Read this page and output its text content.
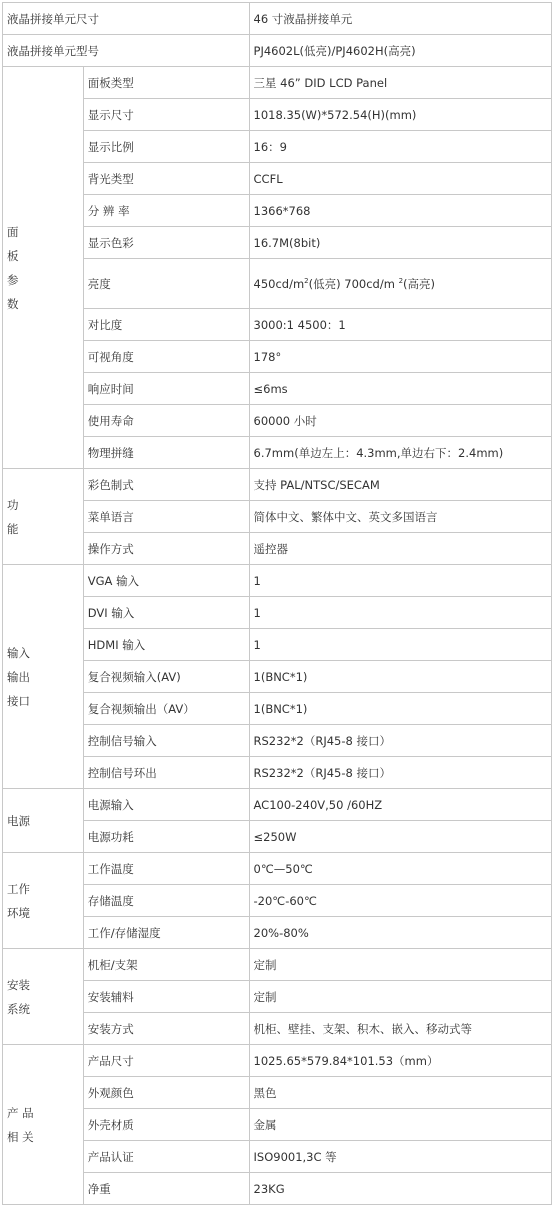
液晶拼接单元尺寸		46 寸液晶拼接单元
液晶拼接单元型号		PJ4602L(低亮)/PJ4602H(高亮)
面
板
参
数	面板类型	三星 46” DID LCD Panel
	显示尺寸	1018.35(W)*572.54(H)(mm)
	显示比例	16：9
	背光类型	CCFL
	分 辨 率	1366*768
	显示色彩	16.7M(8bit)
	亮度	$450cd/m^2$(低亮) 700cd/m $^2$(高亮)
	对比度	3000:1 4500：1
	可视角度	178°
	响应时间	≤6ms
	使用寿命	60000 小时
	物理拼缝	6.7mm(单边左上：4.3mm,单边右下：2.4mm)
功
能	彩色制式	支持 PAL/NTSC/SECAM
	菜单语言	简体中文、繁体中文、英文多国语言
	操作方式	遥控器
输入
输出
接口	VGA 输入	1
	DVI 输入	1
	HDMI 输入	1
	复合视频输入(AV)	1(BNC*1)
	复合视频输出（AV）	1(BNC*1)
	控制信号输入	RS232*2（RJ45-8 接口）
	控制信号环出	RS232*2（RJ45-8 接口）
电源	电源输入	AC100-240V,50 /60HZ
	电源功耗	≤250W
工作
环境	工作温度	0℃—50℃
	存储温度	-20℃-60℃
	工作/存储湿度	20%-80%
安装
系统	机柜/支架	定制
	安装辅料	定制
	安装方式	机柜、壁挂、支架、积木、嵌入、移动式等
产 品
相 关	产品尺寸	1025.65*579.84*101.53（mm）
	外观颜色	黑色
	外壳材质	金属
	产品认证	ISO9001,3C 等
	净重	23KG
